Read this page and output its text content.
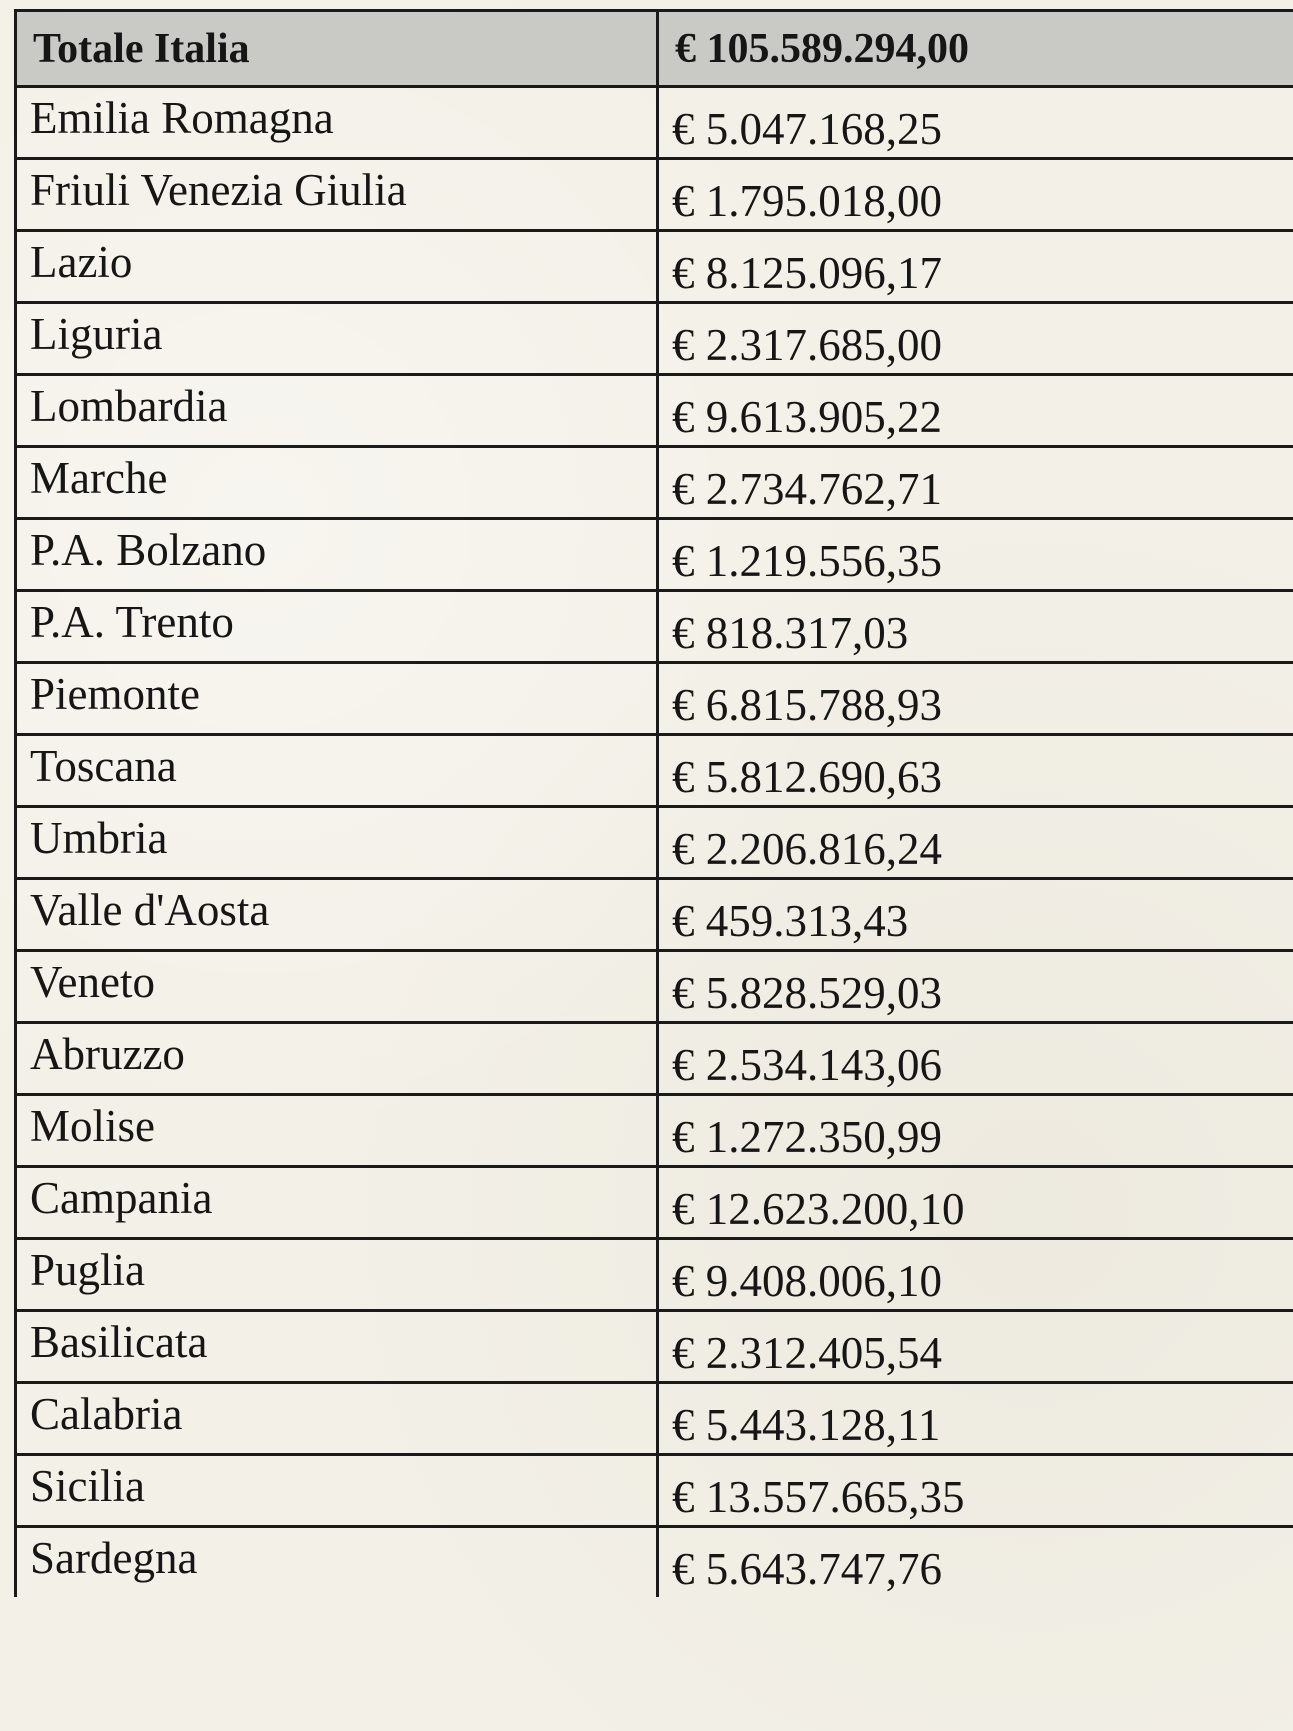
Totale Italia	€ 105.589.294,00
Emilia Romagna	€ 5.047.168,25
Friuli Venezia Giulia	€ 1.795.018,00
Lazio	€ 8.125.096,17
Liguria	€ 2.317.685,00
Lombardia	€ 9.613.905,22
Marche	€ 2.734.762,71
P.A. Bolzano	€ 1.219.556,35
P.A. Trento	€ 818.317,03
Piemonte	€ 6.815.788,93
Toscana	€ 5.812.690,63
Umbria	€ 2.206.816,24
Valle d'Aosta	€ 459.313,43
Veneto	€ 5.828.529,03
Abruzzo	€ 2.534.143,06
Molise	€ 1.272.350,99
Campania	€ 12.623.200,10
Puglia	€ 9.408.006,10
Basilicata	€ 2.312.405,54
Calabria	€ 5.443.128,11
Sicilia	€ 13.557.665,35
Sardegna	€ 5.643.747,76
